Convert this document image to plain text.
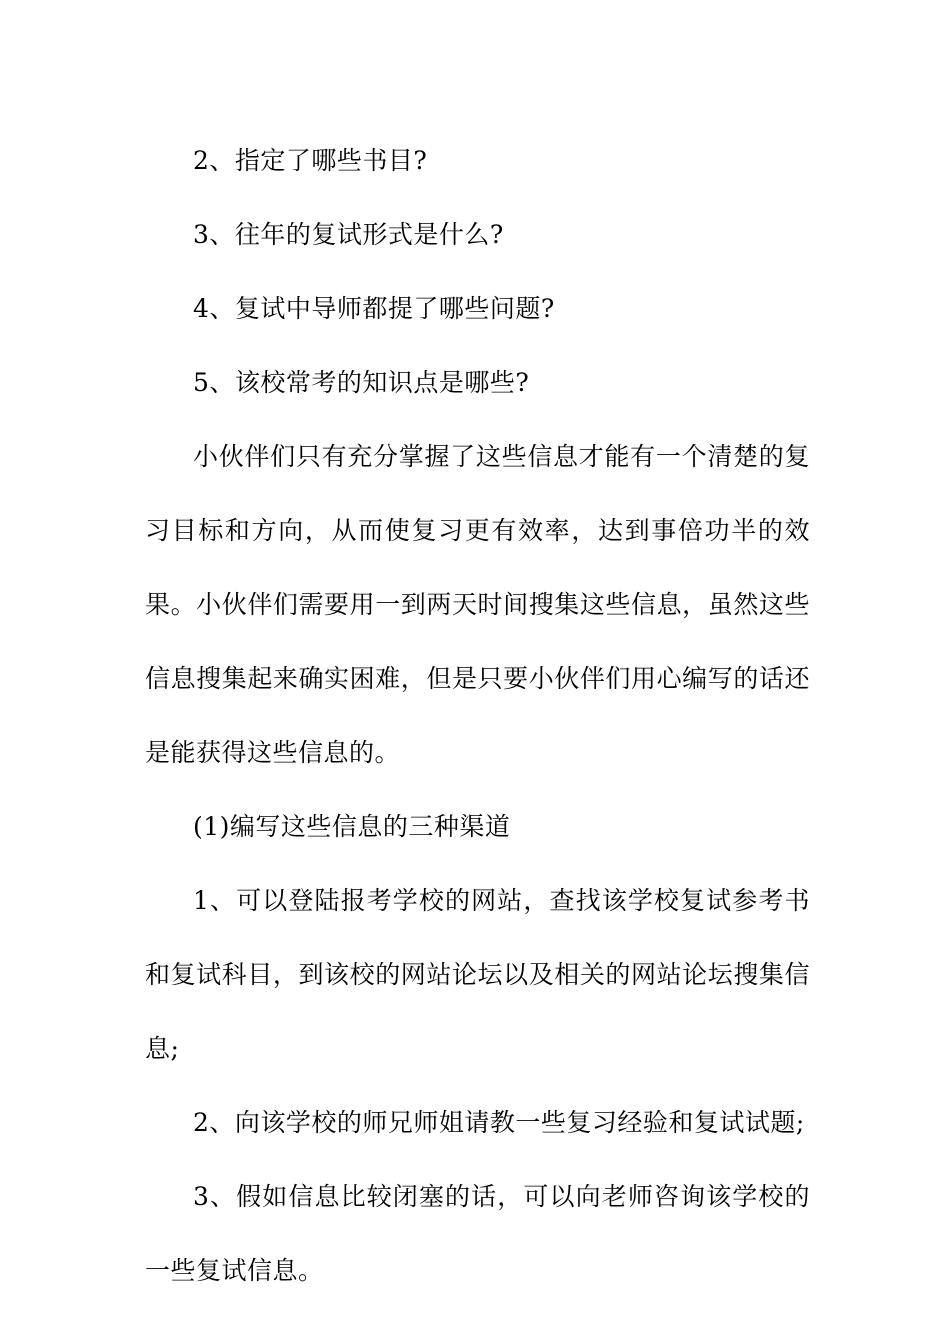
2、指定了哪些书目?

3、往年的复试形式是什么?

4、复试中导师都提了哪些问题?

5、该校常考的知识点是哪些?

小伙伴们只有充分掌握了这些信息才能有一个清楚的复习目标和方向，从而使复习更有效率，达到事倍功半的效果。小伙伴们需要用一到两天时间搜集这些信息，虽然这些信息搜集起来确实困难，但是只要小伙伴们用心编写的话还是能获得这些信息的。

(1)编写这些信息的三种渠道

1、可以登陆报考学校的网站，查找该学校复试参考书和复试科目，到该校的网站论坛以及相关的网站论坛搜集信息;

2、向该学校的师兄师姐请教一些复习经验和复试试题;

3、假如信息比较闭塞的话，可以向老师咨询该学校的一些复试信息。
